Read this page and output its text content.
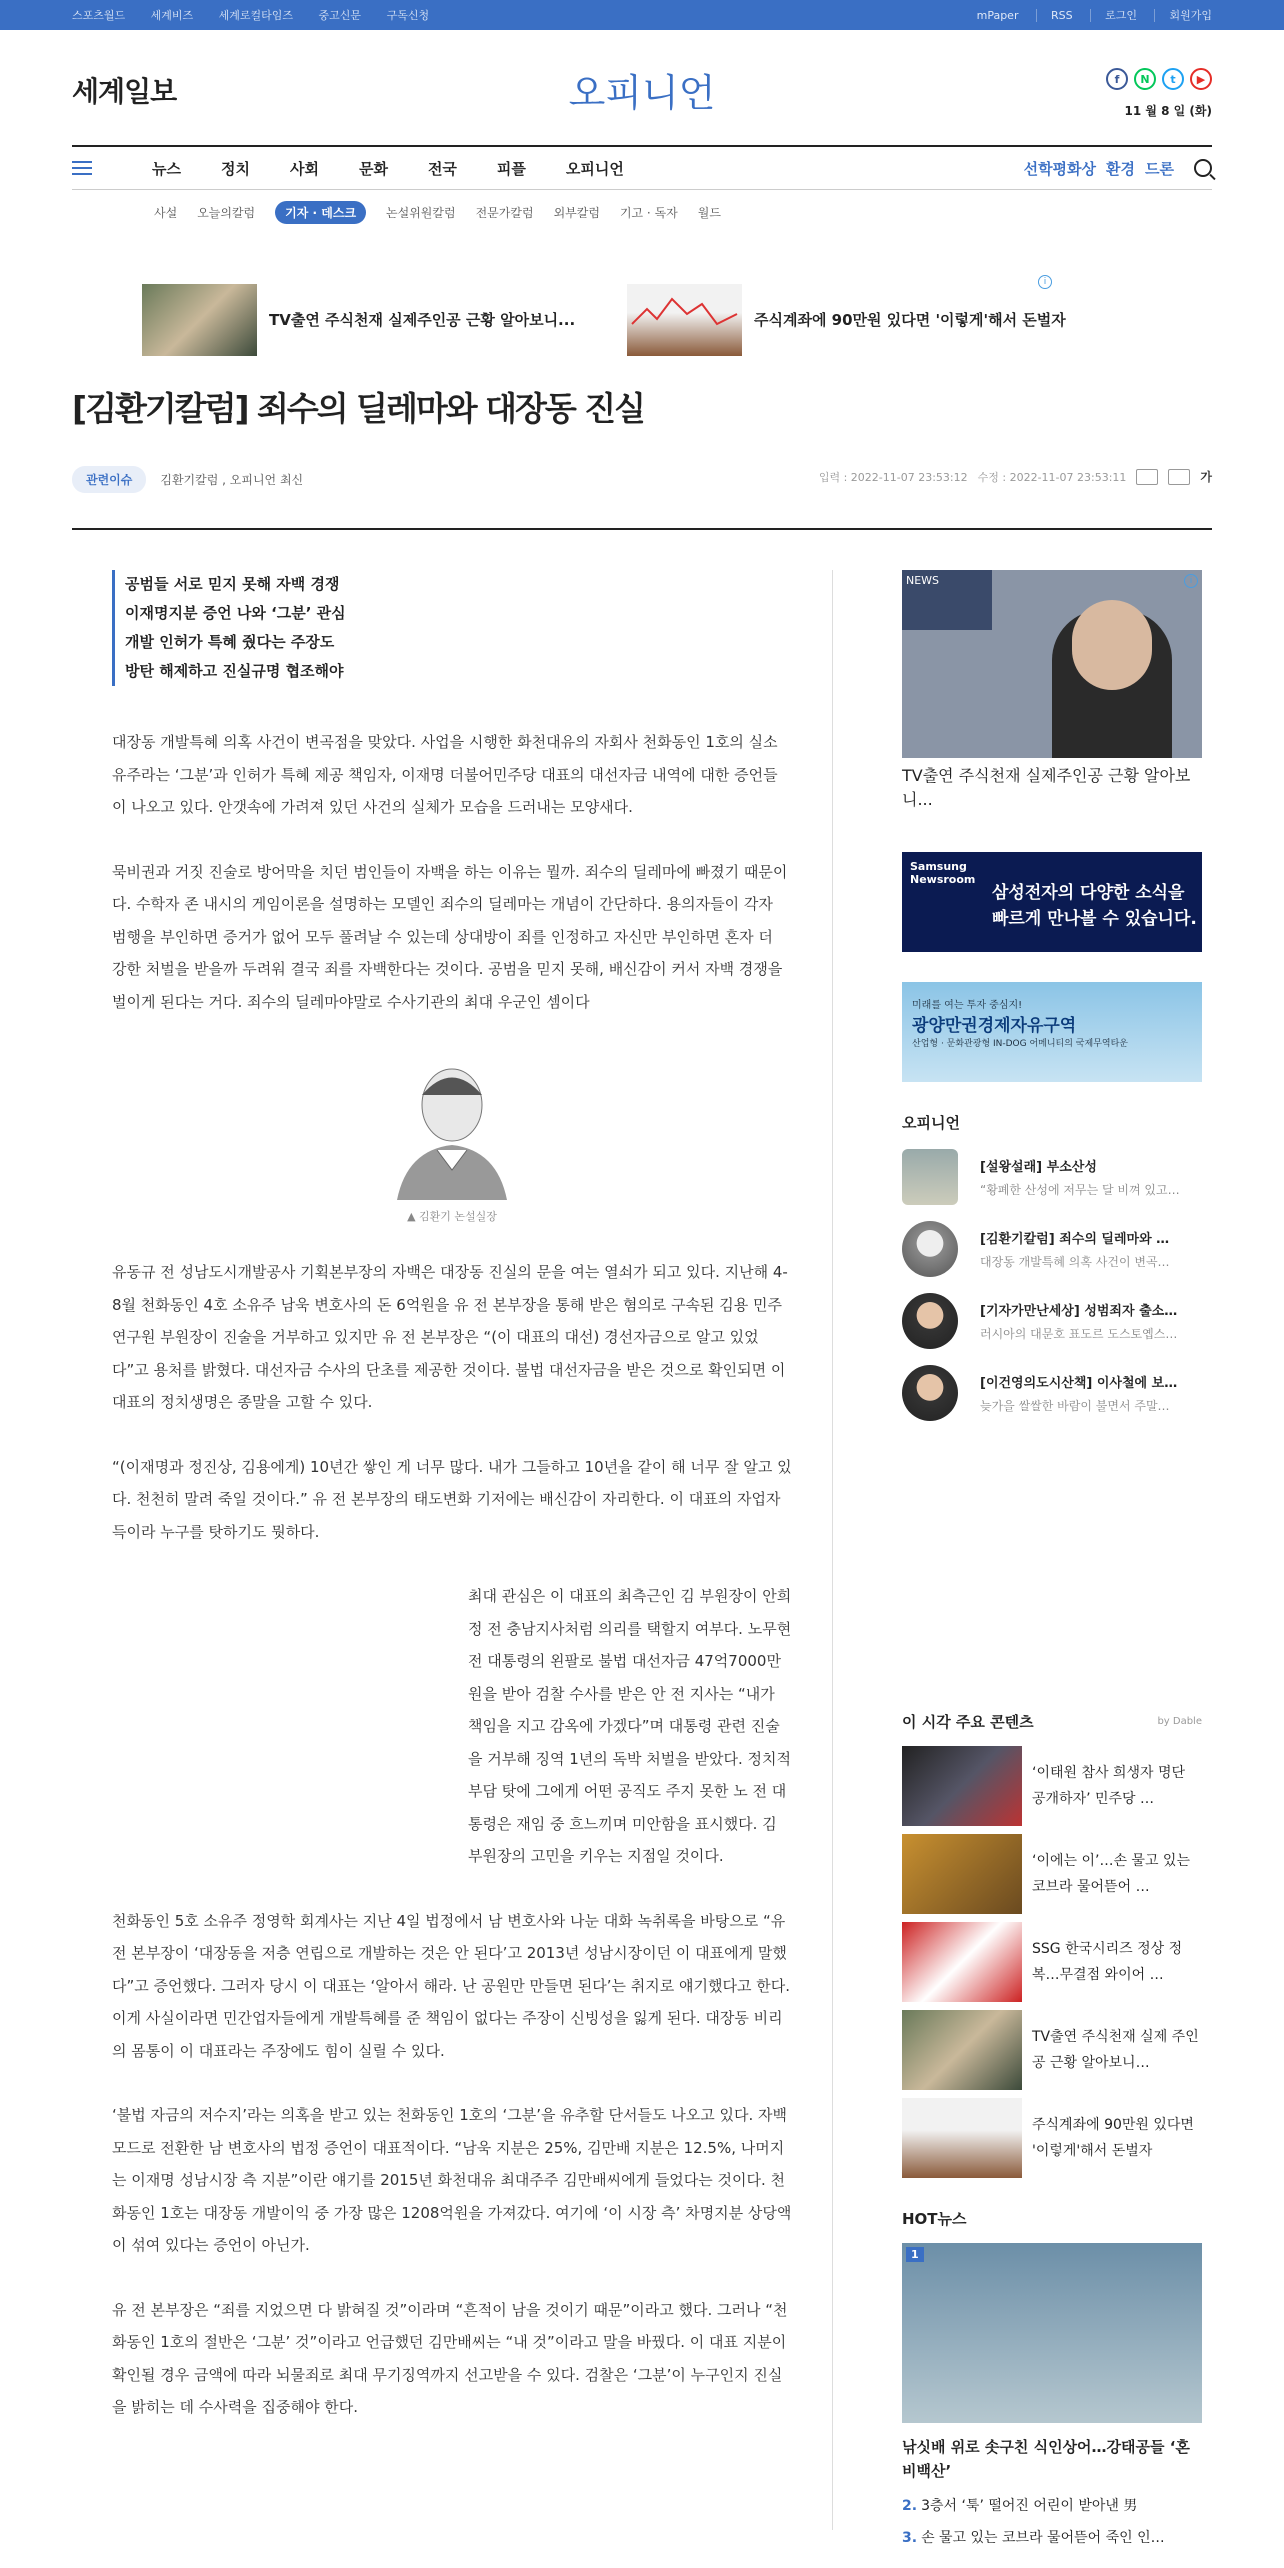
스포츠월드 세계비즈 세계로컬타임즈 중고신문 구독신청	mPaper	RSS	로그인	회원가입
세계일보	오피니언	f	N	t	▶
11 월 8 일 (화)
뉴스	정치	사회	문화	전국	피플	오피니언	선학평화상 환경 드론
사설 오늘의칼럼	기자 · 데스크	논설위원칼럼 전문가칼럼 외부칼럼 기고 · 독자 월드
TV출연 주식천재 실제주인공 근황 알아보니...	주식계좌에 90만원 있다면 '이렇게'해서 돈벌자
i
[김환기칼럼] 죄수의 딜레마와 대장동 진실
관련이슈	김환기칼럼 , 오피니언 최신	입력 : 2022-11-07 23:53:12 수정 : 2022-11-07 23:53:11	가

공범들 서로 믿지 못해 자백 경쟁

이재명지분 증언 나와 ‘그분’ 관심

개발 인허가 특혜 줬다는 주장도

방탄 해제하고 진실규명 협조해야

대장동 개발특혜 의혹 사건이 변곡점을 맞았다. 사업을 시행한 화천대유의 자회사 천화동인 1호의 실소유주라는 ‘그분’과 인허가 특혜 제공 책임자, 이재명 더불어민주당 대표의 대선자금 내역에 대한 증언들이 나오고 있다. 안갯속에 가려져 있던 사건의 실체가 모습을 드러내는 모양새다.

묵비권과 거짓 진술로 방어막을 치던 범인들이 자백을 하는 이유는 뭘까. 죄수의 딜레마에 빠졌기 때문이다. 수학자 존 내시의 게임이론을 설명하는 모델인 죄수의 딜레마는 개념이 간단하다. 용의자들이 각자 범행을 부인하면 증거가 없어 모두 풀려날 수 있는데 상대방이 죄를 인정하고 자신만 부인하면 혼자 더 강한 처벌을 받을까 두려워 결국 죄를 자백한다는 것이다. 공범을 믿지 못해, 배신감이 커서 자백 경쟁을 벌이게 된다는 거다. 죄수의 딜레마야말로 수사기관의 최대 우군인 셈이다

▲ 김환기 논설실장

유동규 전 성남도시개발공사 기획본부장의 자백은 대장동 진실의 문을 여는 열쇠가 되고 있다. 지난해 4-8월 천화동인 4호 소유주 남욱 변호사의 돈 6억원을 유 전 본부장을 통해 받은 혐의로 구속된 김용 민주연구원 부원장이 진술을 거부하고 있지만 유 전 본부장은 “(이 대표의 대선) 경선자금으로 알고 있었다”고 용처를 밝혔다. 대선자금 수사의 단초를 제공한 것이다. 불법 대선자금을 받은 것으로 확인되면 이 대표의 정치생명은 종말을 고할 수 있다.

“(이재명과 정진상, 김용에게) 10년간 쌓인 게 너무 많다. 내가 그들하고 10년을 같이 해 너무 잘 알고 있다. 천천히 말려 죽일 것이다.” 유 전 본부장의 태도변화 기저에는 배신감이 자리한다. 이 대표의 자업자득이라 누구를 탓하기도 뭣하다.

최대 관심은 이 대표의 최측근인 김 부원장이 안희정 전 충남지사처럼 의리를 택할지 여부다. 노무현 전 대통령의 왼팔로 불법 대선자금 47억7000만원을 받아 검찰 수사를 받은 안 전 지사는 “내가 책임을 지고 감옥에 가겠다”며 대통령 관련 진술을 거부해 징역 1년의 독박 처벌을 받았다. 정치적 부담 탓에 그에게 어떤 공직도 주지 못한 노 전 대통령은 재임 중 흐느끼며 미안함을 표시했다. 김 부원장의 고민을 키우는 지점일 것이다.

천화동인 5호 소유주 정영학 회계사는 지난 4일 법정에서 남 변호사와 나눈 대화 녹취록을 바탕으로 “유 전 본부장이 ‘대장동을 저층 연립으로 개발하는 것은 안 된다’고 2013년 성남시장이던 이 대표에게 말했다”고 증언했다. 그러자 당시 이 대표는 ‘알아서 해라. 난 공원만 만들면 된다’는 취지로 얘기했다고 한다. 이게 사실이라면 민간업자들에게 개발특혜를 준 책임이 없다는 주장이 신빙성을 잃게 된다. 대장동 비리의 몸통이 이 대표라는 주장에도 힘이 실릴 수 있다.

‘불법 자금의 저수지’라는 의혹을 받고 있는 천화동인 1호의 ‘그분’을 유추할 단서들도 나오고 있다. 자백 모드로 전환한 남 변호사의 법정 증언이 대표적이다. “남욱 지분은 25%, 김만배 지분은 12.5%, 나머지는 이재명 성남시장 측 지분”이란 얘기를 2015년 화천대유 최대주주 김만배씨에게 들었다는 것이다. 천화동인 1호는 대장동 개발이익 중 가장 많은 1208억원을 가져갔다. 여기에 ‘이 시장 측’ 차명지분 상당액이 섞여 있다는 증언이 아닌가.

유 전 본부장은 “죄를 지었으면 다 밝혀질 것”이라며 “흔적이 남을 것이기 때문”이라고 했다. 그러나 “천화동인 1호의 절반은 ‘그분’ 것”이라고 언급했던 김만배씨는 “내 것”이라고 말을 바꿨다. 이 대표 지분이 확인될 경우 금액에 따라 뇌물죄로 최대 무기징역까지 선고받을 수 있다. 검찰은 ‘그분’이 누구인지 진실을 밝히는 데 수사력을 집중해야 한다.

NEWS	i
TV출연 주식천재 실제주인공 근황 알아보니...
Samsung Newsroom
삼성전자의 다양한 소식을
빠르게 만나볼 수 있습니다.
미래를 여는 투자 중심지!
광양만권경제자유구역
산업형 · 문화관광형 IN-DOG 어메니티의 국제무역타운
오피니언
[설왕설래] 부소산성
“황폐한 산성에 저무는 달 비껴 있고…
[김환기칼럼] 죄수의 딜레마와 …
대장동 개발특혜 의혹 사건이 변곡…
[기자가만난세상] 성범죄자 출소…
러시아의 대문호 표도르 도스토옙스…
[이건영의도시산책] 이사철에 보…
늦가을 쌀쌀한 바람이 불면서 주말…
이 시각 주요 콘텐츠	by Dable
‘이태원 참사 희생자 명단 공개하자’ 민주당 …
‘이에는 이’…손 물고 있는 코브라 물어뜯어 …
SSG 한국시리즈 정상 정복…무결점 와이어 …
TV출연 주식천재 실제 주인공 근황 알아보니…
주식계좌에 90만원 있다면 '이렇게'해서 돈벌자
HOT뉴스
1
낚싯배 위로 솟구친 식인상어…강태공들 ‘혼비백산’
2. 3층서 ‘툭’ 떨어진 어린이 받아낸 男
3. 손 물고 있는 코브라 물어뜯어 죽인 인…
